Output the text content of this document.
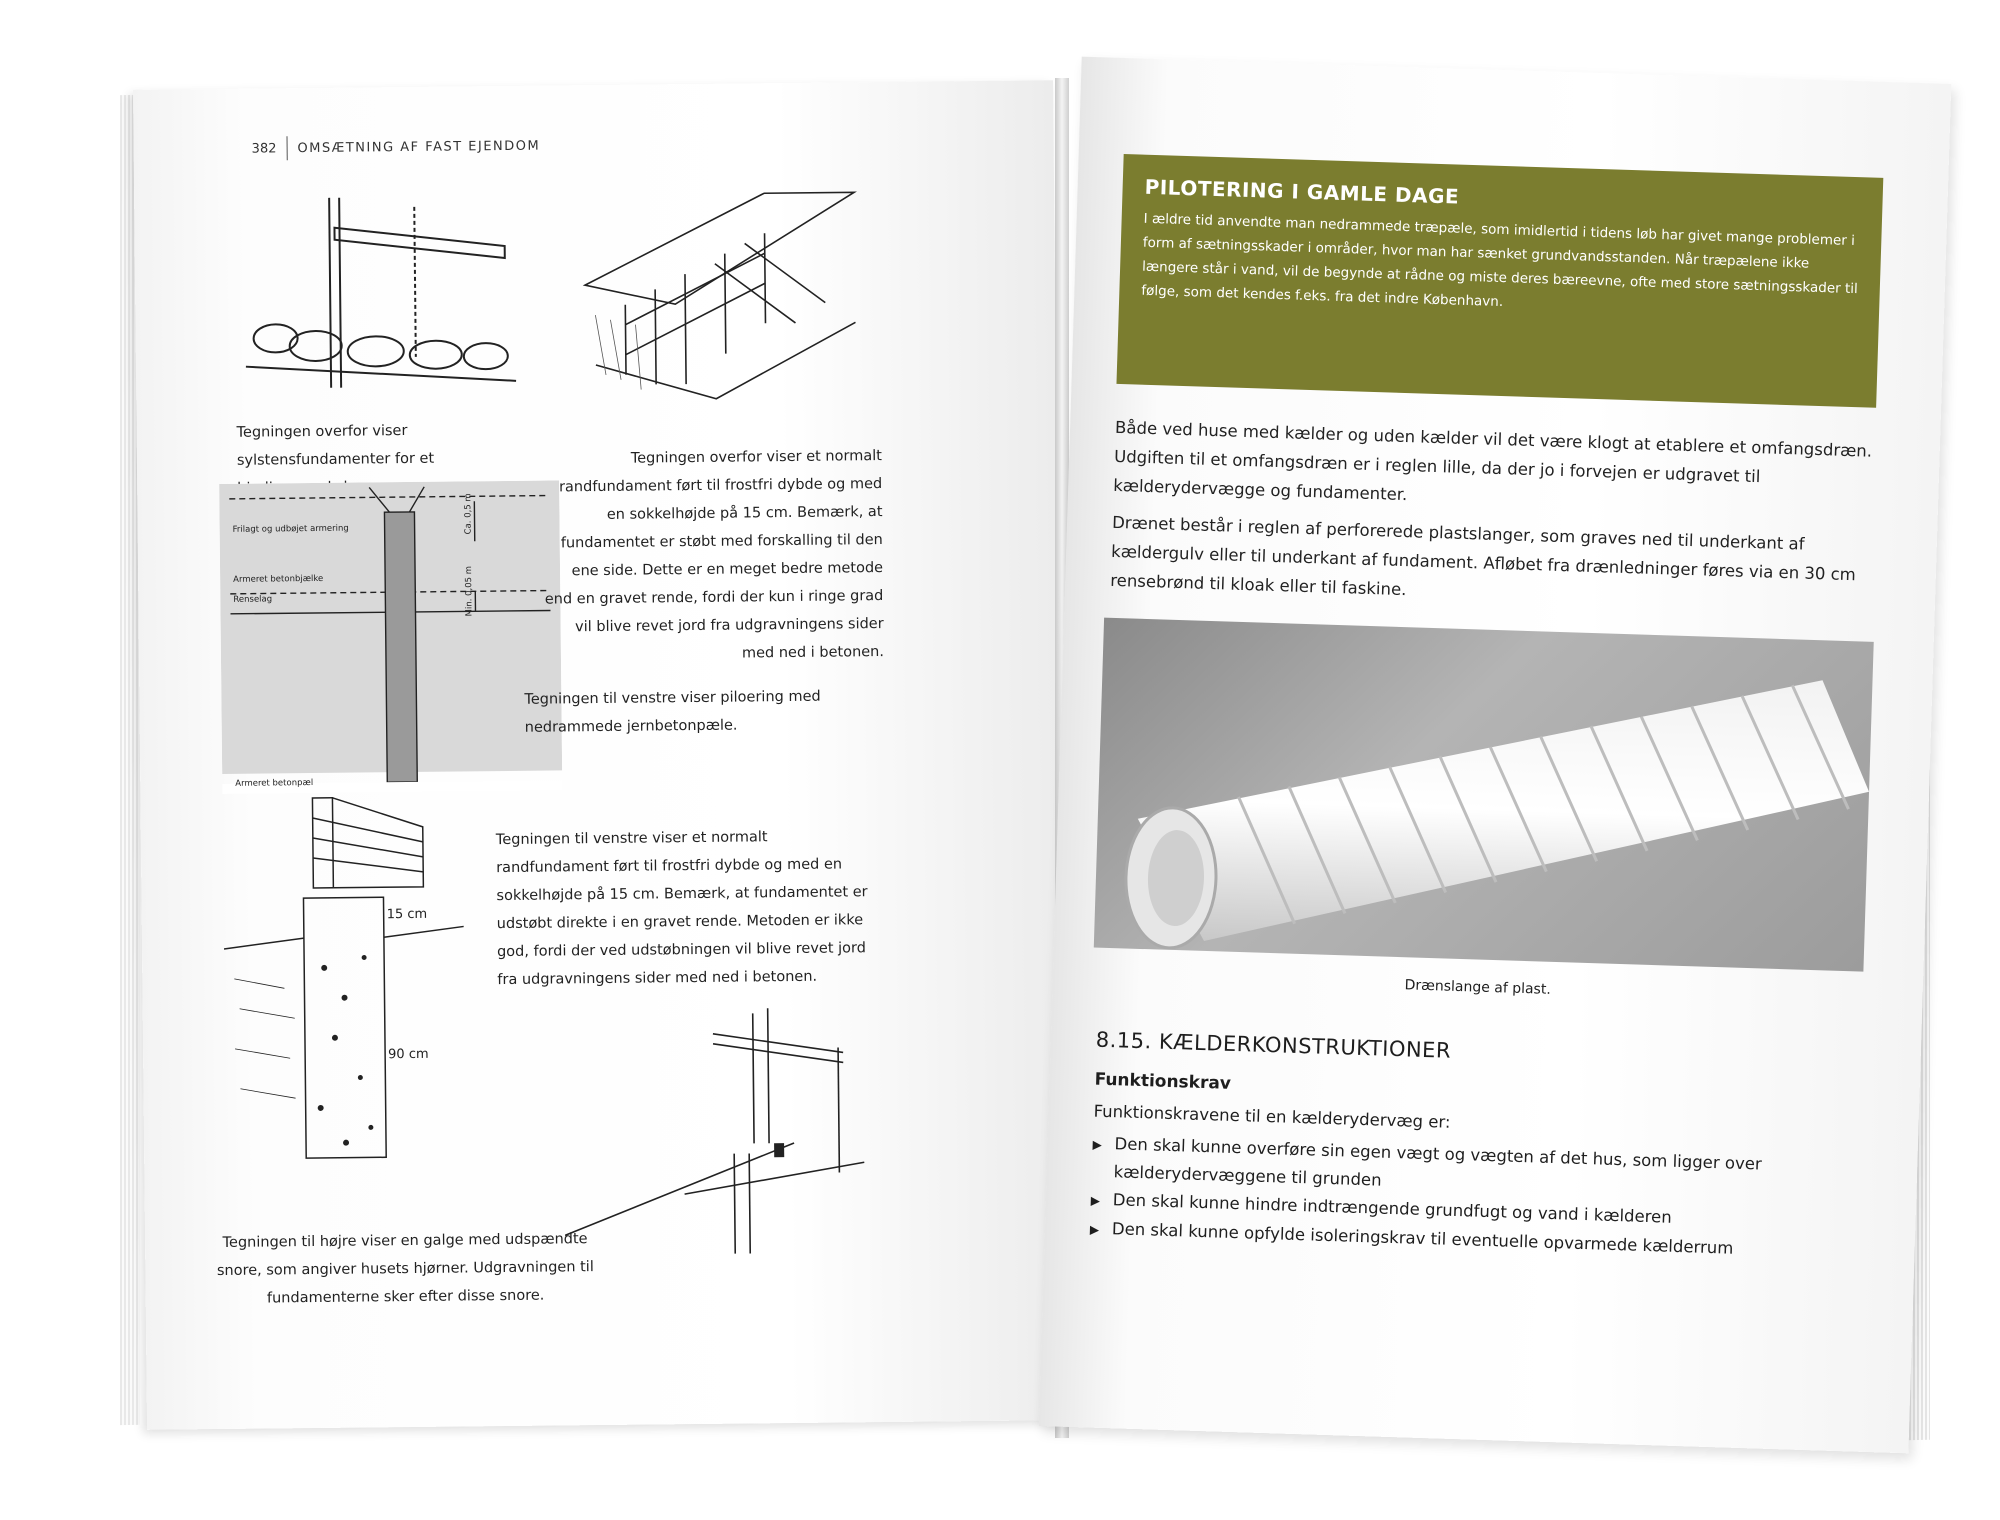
382 OMSÆTNING AF FAST EJENDOM
Tegningen overfor viser sylstensfundamenter for et
Frilagt og udbøjet armering
Armeret betonbjælke
Renselag
Armeret betonpæl
Ca. 0,5 m
Min. 0,05 m
Tegningen overfor viser et normalt randfundament ført til frostfri dybde og med en sokkelhøjde på 15 cm. Bemærk, at fundamentet er støbt med forskalling til den ene side. Dette er en meget bedre metode end en gravet rende, fordi der kun i ringe grad vil blive revet jord fra udgravningens sider med ned i betonen.
Tegningen til venstre viser piloering med nedrammede jernbetonpæle.
15 cm
90 cm
Tegningen til venstre viser et normalt randfundament ført til frostfri dybde og med en sokkelhøjde på 15 cm. Bemærk, at fundamentet er udstøbt direkte i en gravet rende. Metoden er ikke god, fordi der ved udstøbningen vil blive revet jord fra udgravningens sider med ned i betonen.
Tegningen til højre viser en galge med udspændte snore, som angiver husets hjørner. Udgravningen til fundamenterne sker efter disse snore.
PILOTERING I GAMLE DAGE
I ældre tid anvendte man nedrammede træpæle, som imidlertid i tidens løb har givet mange problemer i form af sætningsskader i områder, hvor man har sænket grundvandsstanden. Når træpælene ikke længere står i vand, vil de begynde at rådne og miste deres bæreevne, ofte med store sætningsskader til følge, som det kendes f.eks. fra det indre København.
Både ved huse med kælder og uden kælder vil det være klogt at etablere et omfangsdræn. Udgiften til et omfangsdræn er i reglen lille, da der jo i forvejen er udgravet til kælderydervægge og fundamenter.
Drænet består i reglen af perforerede plastslanger, som graves ned til underkant af kældergulv eller til underkant af fundament. Afløbet fra drænledninger føres via en 30 cm rensebrønd til kloak eller til faskine.
Drænslange af plast.
8.15. KÆLDERKONSTRUKTIONER
Funktionskrav
Funktionskravene til en kælderydervæg er:
▶ Den skal kunne overføre sin egen vægt og vægten af det hus, som ligger over kælderydervæggene til grunden
▶ Den skal kunne hindre indtrængende grundfugt og vand i kælderen
▶ Den skal kunne opfylde isoleringskrav til eventuelle opvarmede kælderrum
